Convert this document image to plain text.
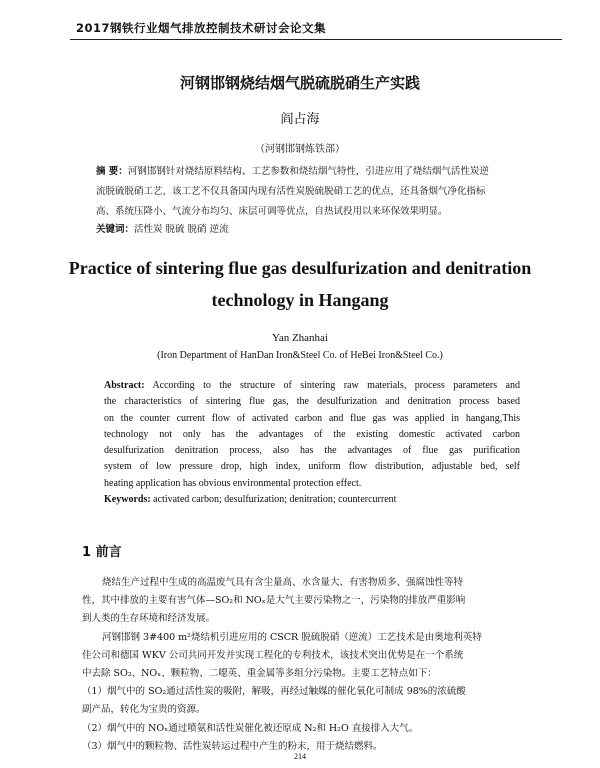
2017钢铁行业烟气排放控制技术研讨会论文集
河钢邯钢烧结烟气脱硫脱硝生产实践
阎占海
（河钢邯钢炼铁部）
摘 要：河钢邯钢针对烧结原料结构、工艺参数和烧结烟气特性，引进应用了烧结烟气活性炭逆
流脱硫脱硝工艺，该工艺不仅具备国内现有活性炭脱硫脱硝工艺的优点，还具备烟气净化指标
高、系统压降小、气流分布均匀、床层可调等优点，自热试投用以来环保效果明显。
关键词：活性炭 脱硫 脱硝 逆流
Practice of sintering flue gas desulfurization and denitration
technology in Hangang
Yan Zhanhai
(Iron Department of HanDan Iron&Steel Co. of HeBei Iron&Steel Co.)
Abstract: According to the structure of sintering raw materials, process parameters and
the characteristics of sintering flue gas, the desulfurization and denitration process based
on the counter current flow of activated carbon and flue gas was applied in hangang,This
technology not only has the advantages of the existing domestic activated carbon
desulfurization denitration process, also has the advantages of flue gas purification
system of low pressure drop, high index, uniform flow distribution, adjustable bed, self
heating application has obvious environmental protection effect.
Keywords: activated carbon; desulfurization; denitration; countercurrent
1 前言
烧结生产过程中生成的高温废气具有含尘量高、水含量大、有害物质多、强腐蚀性等特
性，其中排放的主要有害气体—SO₂和 NOₓ是大气主要污染物之一，污染物的排放严重影响
到人类的生存环境和经济发展。
河钢邯钢 3#400 m²烧结机引进应用的 CSCR 脱硫脱硝（逆流）工艺技术是由奥地利英特
佳公司和德国 WKV 公司共同开发并实现工程化的专利技术，该技术突出优势是在一个系统
中去除 SO₂、NOₓ、颗粒物、二噁英、重金属等多组分污染物。主要工艺特点如下：
（1）烟气中的 SO₂通过活性炭的吸附，解吸，再经过触媒的催化氧化可制成 98%的浓硫酸
副产品，转化为宝贵的资源。
（2）烟气中的 NOₓ通过喷氨和活性炭催化被还原成 N₂和 H₂O 直接排入大气。
（3）烟气中的颗粒物、活性炭转运过程中产生的粉末，用于烧结燃料。
214
